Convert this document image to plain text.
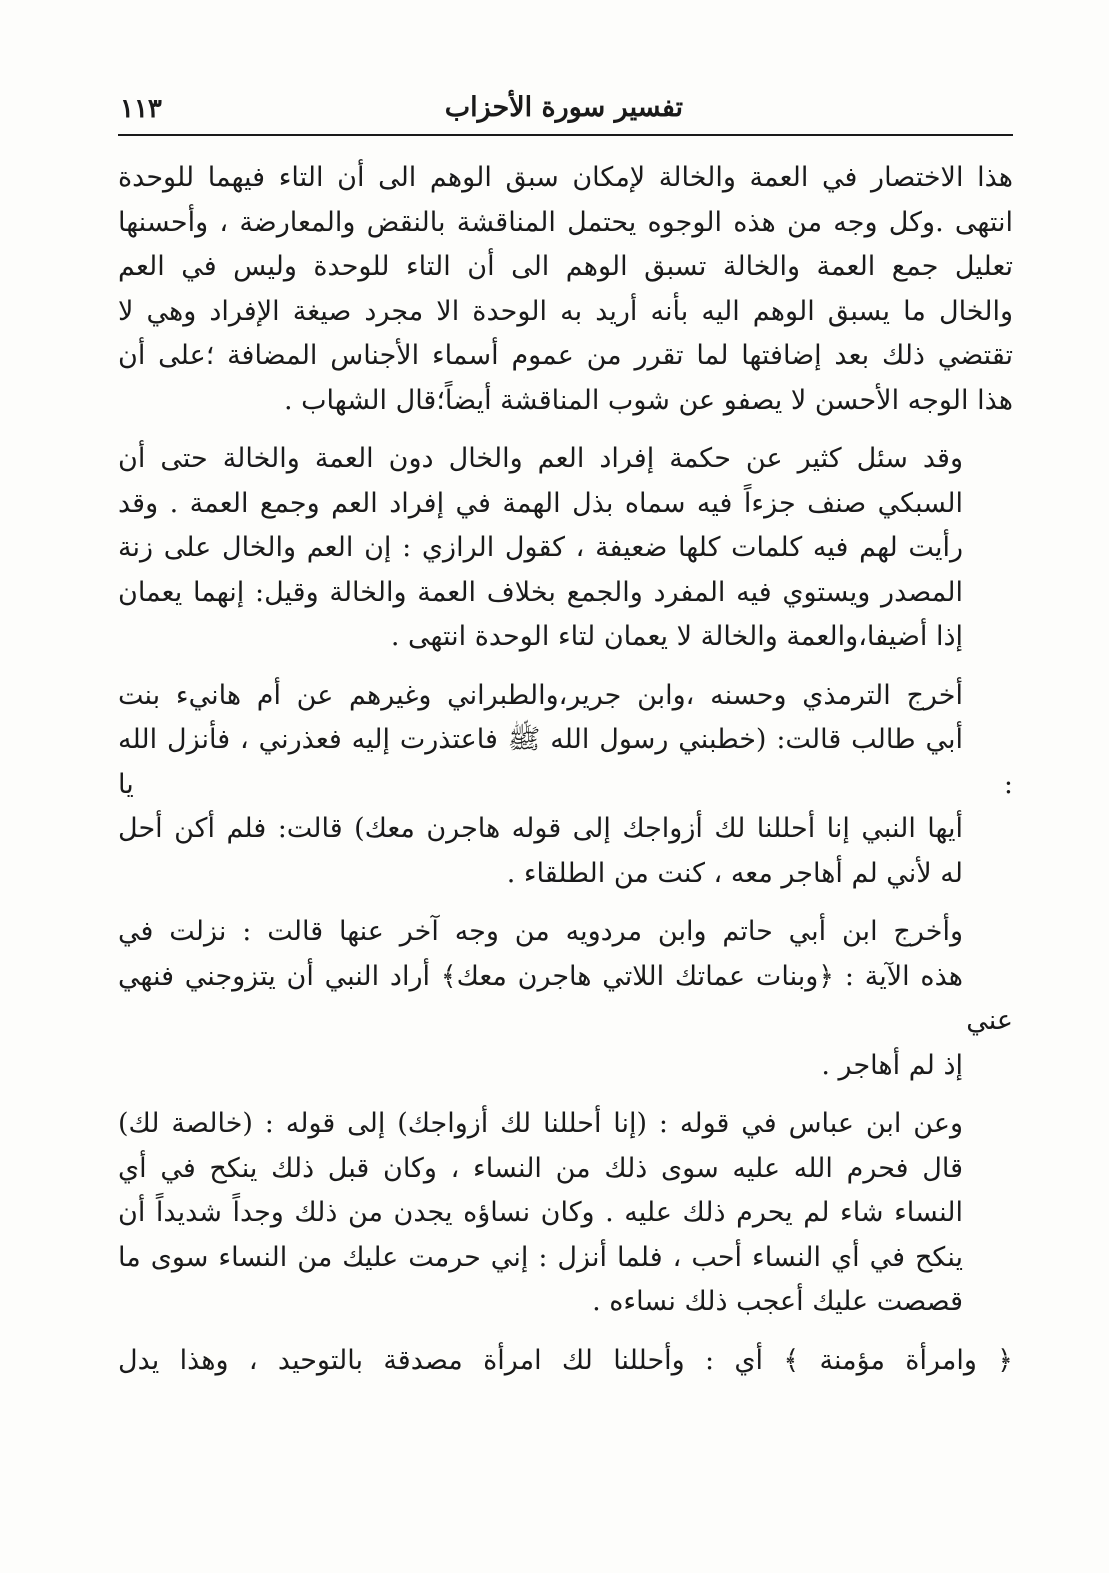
تفسير سورة الأحزاب
١١٣

هذا الاختصار في العمة والخالة لإمكان سبق الوهم الى أن التاء فيهما للوحدة
انتهى .وكل وجه من هذه الوجوه يحتمل المناقشة بالنقض والمعارضة ، وأحسنها
تعليل جمع العمة والخالة تسبق الوهم الى أن التاء للوحدة وليس في العم
والخال ما يسبق الوهم اليه بأنه أريد به الوحدة الا مجرد صيغة الإفراد وهي لا
تقتضي ذلك بعد إضافتها لما تقرر من عموم أسماء الأجناس المضافة ؛على أن
هذا الوجه الأحسن لا يصفو عن شوب المناقشة أيضاً؛قال الشهاب .

وقد سئل كثير عن حكمة إفراد العم والخال دون العمة والخالة حتى أن
السبكي صنف جزءاً فيه سماه بذل الهمة في إفراد العم وجمع العمة . وقد
رأيت لهم فيه كلمات كلها ضعيفة ، كقول الرازي : إن العم والخال على زنة
المصدر ويستوي فيه المفرد والجمع بخلاف العمة والخالة وقيل: إنهما يعمان
إذا أضيفا،والعمة والخالة لا يعمان لتاء الوحدة انتهى .

أخرج الترمذي وحسنه ،وابن جرير،والطبراني وغيرهم عن أم هانيء بنت
أبي طالب قالت: (خطبني رسول الله ﷺ فاعتذرت إليه فعذرني ، فأنزل الله : يا
أيها النبي إنا أحللنا لك أزواجك إلى قوله هاجرن معك) قالت: فلم أكن أحل
له لأني لم أهاجر معه ، كنت من الطلقاء .

وأخرج ابن أبي حاتم وابن مردويه من وجه آخر عنها قالت : نزلت في
هذه الآية : ﴿وبنات عماتك اللاتي هاجرن معك﴾ أراد النبي أن يتزوجني فنهي عني
إذ لم أهاجر .

وعن ابن عباس في قوله : (إنا أحللنا لك أزواجك) إلى قوله : (خالصة لك)
قال فحرم الله عليه سوى ذلك من النساء ، وكان قبل ذلك ينكح في أي
النساء شاء لم يحرم ذلك عليه . وكان نساؤه يجدن من ذلك وجداً شديداً أن
ينكح في أي النساء أحب ، فلما أنزل : إني حرمت عليك من النساء سوى ما
قصصت عليك أعجب ذلك نساءه .

﴿ وامرأة مؤمنة ﴾ أي : وأحللنا لك امرأة مصدقة بالتوحيد ، وهذا يدل
